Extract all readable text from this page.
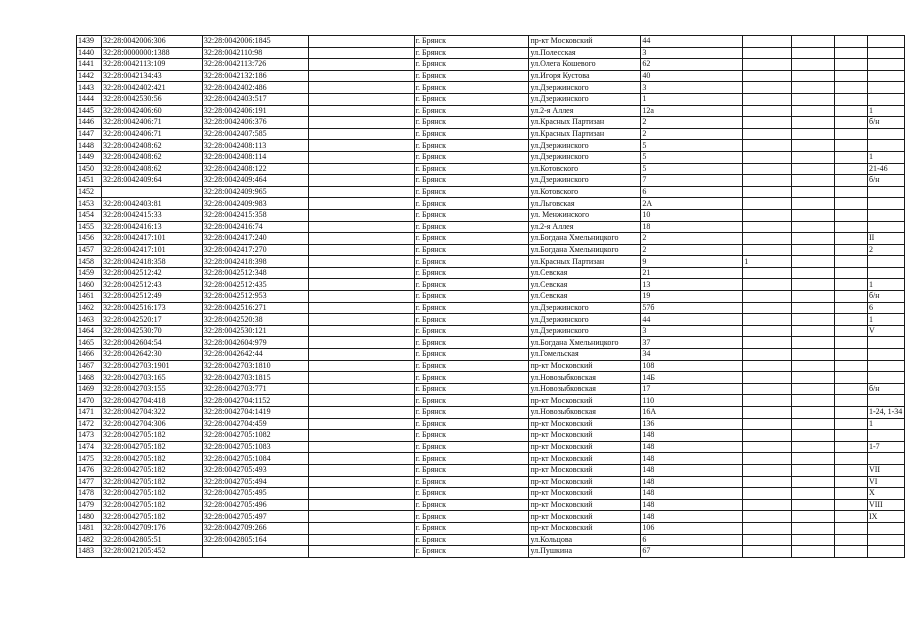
1439	32:28:0042006:306	32:28:0042006:1845		г. Брянск	пр-кт Московский	44				
1440	32:28:0000000:1388	32:28:0042110:98		г. Брянск	ул.Полесская	3				
1441	32:28:0042113:109	32:28:0042113:726		г. Брянск	ул.Олега Кошевого	62				
1442	32:28:0042134:43	32:28:0042132:186		г. Брянск	ул.Игоря Кустова	40				
1443	32:28:0042402:421	32:28:0042402:486		г. Брянск	ул.Дзержинского	3				
1444	32:28:0042530:56	32:28:0042403:517		г. Брянск	ул.Дзержинского	1				
1445	32:28:0042406:60	32:28:0042406:191		г. Брянск	ул.2-я Аллея	12а				1
1446	32:28:0042406:71	32:28:0042406:376		г. Брянск	ул.Красных Партизан	2				б/н
1447	32:28:0042406:71	32:28:0042407:585		г. Брянск	ул.Красных Партизан	2				
1448	32:28:0042408:62	32:28:0042408:113		г. Брянск	ул.Дзержинского	5				
1449	32:28:0042408:62	32:28:0042408:114		г. Брянск	ул.Дзержинского	5				1
1450	32:28:0042408:62	32:28:0042408:122		г. Брянск	ул.Котовского	5				21-46
1451	32:28:0042409:64	32:28:0042409:464		г. Брянск	ул.Дзержинского	7				б/н
1452		32:28:0042409:965		г. Брянск	ул.Котовского	6				
1453	32:28:0042403:81	32:28:0042409:983		г. Брянск	ул.Льговская	2А				
1454	32:28:0042415:33	32:28:0042415:358		г. Брянск	ул. Менжинского	10				
1455	32:28:0042416:13	32:28:0042416:74		г. Брянск	ул.2-я Аллея	18				
1456	32:28:0042417:101	32:28:0042417:240		г. Брянск	ул.Богдана Хмельницкого	2				II
1457	32:28:0042417:101	32:28:0042417:270		г. Брянск	ул.Богдана Хмельницкого	2				2
1458	32:28:0042418:358	32:28:0042418:398		г. Брянск	ул.Красных Партизан	9	1			
1459	32:28:0042512:42	32:28:0042512:348		г. Брянск	ул.Севская	21				
1460	32:28:0042512:43	32:28:0042512:435		г. Брянск	ул.Севская	13				1
1461	32:28:0042512:49	32:28:0042512:953		г. Брянск	ул.Севская	19				б/н
1462	32:28:0042516:173	32:28:0042516:271		г. Брянск	ул.Дзержинского	57б				6
1463	32:28:0042520:17	32:28:0042520:38		г. Брянск	ул.Дзержинского	44				1
1464	32:28:0042530:70	32:28:0042530:121		г. Брянск	ул.Дзержинского	3				V
1465	32:28:0042604:54	32:28:0042604:979		г. Брянск	ул.Богдана Хмельницкого	37				
1466	32:28:0042642:30	32:28:0042642:44		г. Брянск	ул.Гомельская	34				
1467	32:28:0042703:1901	32:28:0042703:1810		г. Брянск	пр-кт Московский	108				
1468	32:28:0042703:165	32:28:0042703:1815		г. Брянск	ул.Новозыбковская	14Б				
1469	32:28:0042703:155	32:28:0042703:771		г. Брянск	ул.Новозыбковская	17				б/н
1470	32:28:0042704:418	32:28:0042704:1152		г. Брянск	пр-кт Московский	110				
1471	32:28:0042704:322	32:28:0042704:1419		г. Брянск	ул.Новозыбковская	16А				1-24, 1-34
1472	32:28:0042704:306	32:28:0042704:459		г. Брянск	пр-кт Московский	136				1
1473	32:28:0042705:182	32:28:0042705:1082		г. Брянск	пр-кт Московский	148				
1474	32:28:0042705:182	32:28:0042705:1083		г. Брянск	пр-кт Московский	148				1-7
1475	32:28:0042705:182	32:28:0042705:1084		г. Брянск	пр-кт Московский	148				
1476	32:28:0042705:182	32:28:0042705:493		г. Брянск	пр-кт Московский	148				VII
1477	32:28:0042705:182	32:28:0042705:494		г. Брянск	пр-кт Московский	148				VI
1478	32:28:0042705:182	32:28:0042705:495		г. Брянск	пр-кт Московский	148				X
1479	32:28:0042705:182	32:28:0042705:496		г. Брянск	пр-кт Московский	148				VIII
1480	32:28:0042705:182	32:28:0042705:497		г. Брянск	пр-кт Московский	148				IX
1481	32:28:0042709:176	32:28:0042709:266		г. Брянск	пр-кт Московский	106				
1482	32:28:0042805:51	32:28:0042805:164		г. Брянск	ул.Кольцова	6				
1483	32:28:0021205:452			г. Брянск	ул.Пушкина	67				
